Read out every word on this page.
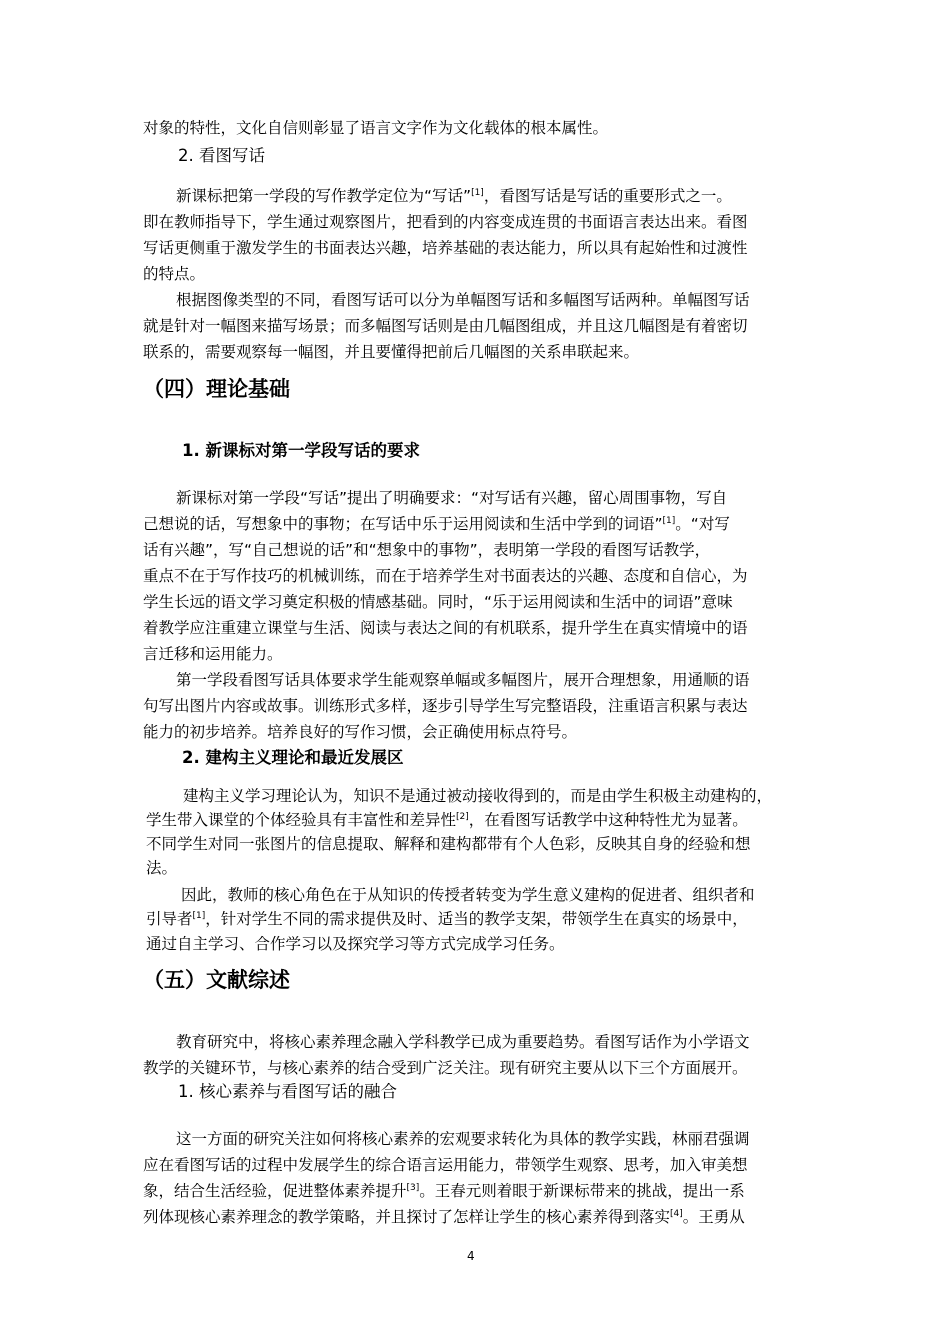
对象的特性，文化自信则彰显了语言文字作为文化载体的根本属性。
2. 看图写话
新课标把第一学段的写作教学定位为“写话”[1]，看图写话是写话的重要形式之一。
即在教师指导下，学生通过观察图片，把看到的内容变成连贯的书面语言表达出来。看图
写话更侧重于激发学生的书面表达兴趣，培养基础的表达能力，所以具有起始性和过渡性
的特点。
根据图像类型的不同，看图写话可以分为单幅图写话和多幅图写话两种。单幅图写话
就是针对一幅图来描写场景；而多幅图写话则是由几幅图组成，并且这几幅图是有着密切
联系的，需要观察每一幅图，并且要懂得把前后几幅图的关系串联起来。
（四）理论基础
1. 新课标对第一学段写话的要求
新课标对第一学段“写话”提出了明确要求：“对写话有兴趣，留心周围事物，写自
己想说的话，写想象中的事物；在写话中乐于运用阅读和生活中学到的词语”[1]。“对写
话有兴趣”，写“自己想说的话”和“想象中的事物”，表明第一学段的看图写话教学，
重点不在于写作技巧的机械训练，而在于培养学生对书面表达的兴趣、态度和自信心，为
学生长远的语文学习奠定积极的情感基础。同时，“乐于运用阅读和生活中的词语”意味
着教学应注重建立课堂与生活、阅读与表达之间的有机联系，提升学生在真实情境中的语
言迁移和运用能力。
第一学段看图写话具体要求学生能观察单幅或多幅图片，展开合理想象，用通顺的语
句写出图片内容或故事。训练形式多样，逐步引导学生写完整语段，注重语言积累与表达
能力的初步培养。培养良好的写作习惯，会正确使用标点符号。
2. 建构主义理论和最近发展区
建构主义学习理论认为，知识不是通过被动接收得到的，而是由学生积极主动建构的，
学生带入课堂的个体经验具有丰富性和差异性[2]，在看图写话教学中这种特性尤为显著。
不同学生对同一张图片的信息提取、解释和建构都带有个人色彩，反映其自身的经验和想
法。
因此，教师的核心角色在于从知识的传授者转变为学生意义建构的促进者、组织者和
引导者[1]，针对学生不同的需求提供及时、适当的教学支架，带领学生在真实的场景中，
通过自主学习、合作学习以及探究学习等方式完成学习任务。
（五）文献综述
教育研究中，将核心素养理念融入学科教学已成为重要趋势。看图写话作为小学语文
教学的关键环节，与核心素养的结合受到广泛关注。现有研究主要从以下三个方面展开。
1. 核心素养与看图写话的融合
这一方面的研究关注如何将核心素养的宏观要求转化为具体的教学实践，林丽君强调
应在看图写话的过程中发展学生的综合语言运用能力，带领学生观察、思考，加入审美想
象，结合生活经验，促进整体素养提升[3]。王春元则着眼于新课标带来的挑战，提出一系
列体现核心素养理念的教学策略，并且探讨了怎样让学生的核心素养得到落实[4]。王勇从
4
